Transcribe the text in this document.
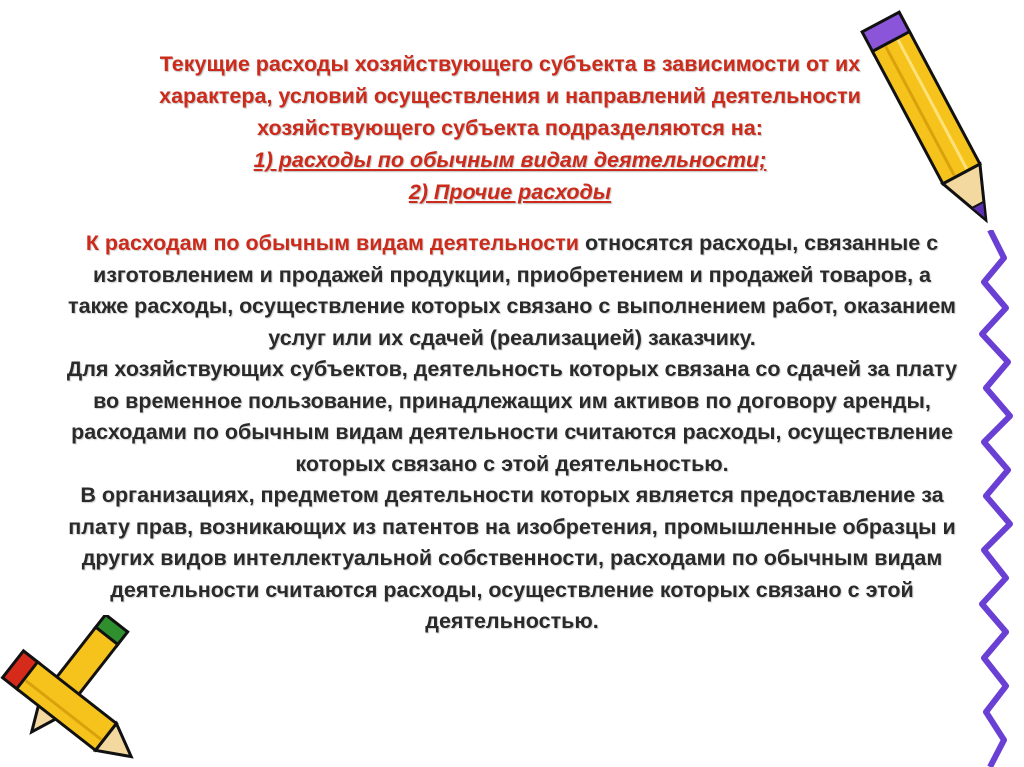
Текущие расходы хозяйствующего субъекта в зависимости от их

характера, условий осуществления и направлений деятельности

хозяйствующего субъекта подразделяются на:

1) расходы по обычным видам деятельности;

2) Прочие расходы

К расходам по обычным видам деятельности относятся расходы, связанные с изготовлением и продажей продукции, приобретением и продажей товаров, а также расходы, осуществление которых связано с выполнением работ, оказанием услуг или их сдачей (реализацией) заказчику.

Для хозяйствующих субъектов, деятельность которых связана со сдачей за плату во временное пользование, принадлежащих им активов по договору аренды, расходами по обычным видам деятельности считаются расходы, осуществление которых связано с этой деятельностью.

В организациях, предметом деятельности которых является предоставление за плату прав, возникающих из патентов на изобретения, промышленные образцы и других видов интеллектуальной собственности, расходами по обычным видам деятельности считаются расходы, осуществление которых связано с этой деятельностью.
